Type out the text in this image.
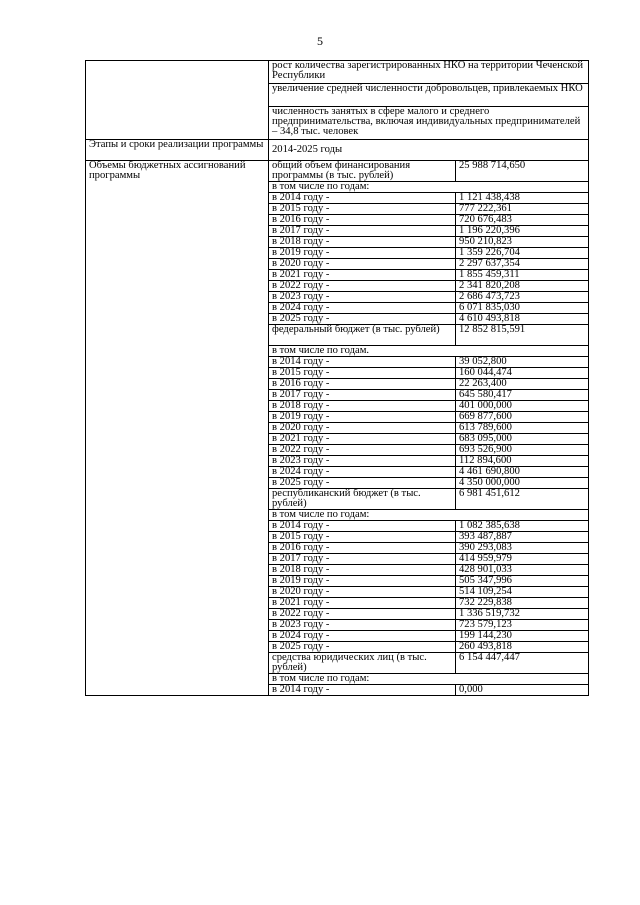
5
	рост количества зарегистрированных НКО на территории Чеченской Республики	
	увеличение средней численности добровольцев, привлекаемых НКО	
	численность занятых в сфере малого и среднего предпринимательства, включая индивидуальных предпринимателей – 34,8 тыс. человек	
Этапы и сроки реализации программы	2014-2025 годы	
Объемы бюджетных ассигнований программы	общий объем финансирования программы (в тыс. рублей)	25 988 714,650
	в том числе по годам:	
	в 2014 году -	1 121 438,438
	в 2015 году -	777 222,361
	в 2016 году -	720 676,483
	в 2017 году -	1 196 220,396
	в 2018 году -	950 210,823
	в 2019 году -	1 359 226,704
	в 2020 году -	2 297 637,354
	в 2021 году -	1 855 459,311
	в 2022 году -	2 341 820,208
	в 2023 году -	2 686 473,723
	в 2024 году -	6 071 835,030
	в 2025 году -	4 610 493,818
	федеральный бюджет (в тыс. рублей)	12 852 815,591
	в том числе по годам.	
	в 2014 году -	39 052,800
	в 2015 году -	160 044,474
	в 2016 году -	22 263,400
	в 2017 году -	645 580,417
	в 2018 году -	401 000,000
	в 2019 году -	669 877,600
	в 2020 году -	613 789,600
	в 2021 году -	683 095,000
	в 2022 году -	693 526,900
	в 2023 году -	112 894,600
	в 2024 году -	4 461 690,800
	в 2025 году -	4 350 000,000
	республиканский бюджет (в тыс. рублей)	6 981 451,612
	в том числе по годам:	
	в 2014 году -	1 082 385,638
	в 2015 году -	393 487,887
	в 2016 году -	390 293,083
	в 2017 году -	414 959,979
	в 2018 году -	428 901,033
	в 2019 году -	505 347,996
	в 2020 году -	514 109,254
	в 2021 году -	732 229,838
	в 2022 году -	1 336 519,732
	в 2023 году -	723 579,123
	в 2024 году -	199 144,230
	в 2025 году -	260 493,818
	средства юридических лиц (в тыс. рублей)	6 154 447,447
	в том числе по годам:	
	в 2014 году -	0,000
